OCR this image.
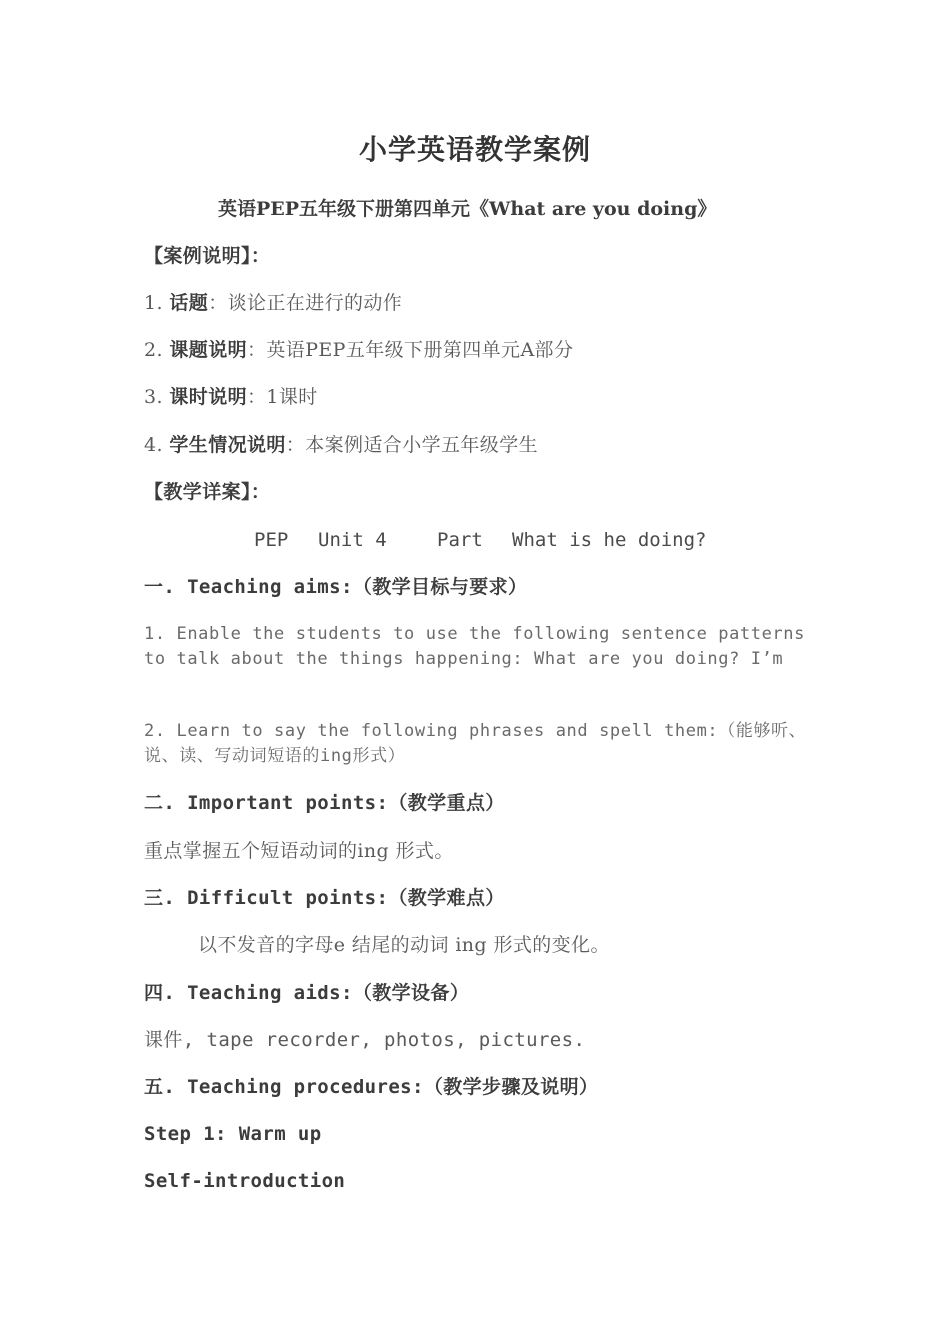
小学英语教学案例
英语PEP五年级下册第四单元《What are you doing》
【案例说明】：
1. 话题：谈论正在进行的动作
2. 课题说明：英语PEP五年级下册第四单元A部分
3. 课时说明：1课时
4. 学生情况说明：本案例适合小学五年级学生
【教学详案】：
PEP Unit 4	Part What is he doing?
一. Teaching aims:（教学目标与要求）
1. Enable the students to use the following sentence patterns to talk about the things happening: What are you doing? I’m
2. Learn to say the following phrases and spell them:（能够听、说、读、写动词短语的ing形式）
二. Important points:（教学重点）
重点掌握五个短语动词的ing 形式。
三. Difficult points:（教学难点）
以不发音的字母e 结尾的动词 ing 形式的变化。
四. Teaching aids:（教学设备）
课件, tape recorder, photos, pictures.
五. Teaching procedures:（教学步骤及说明）
Step 1: Warm up
Self-introduction
